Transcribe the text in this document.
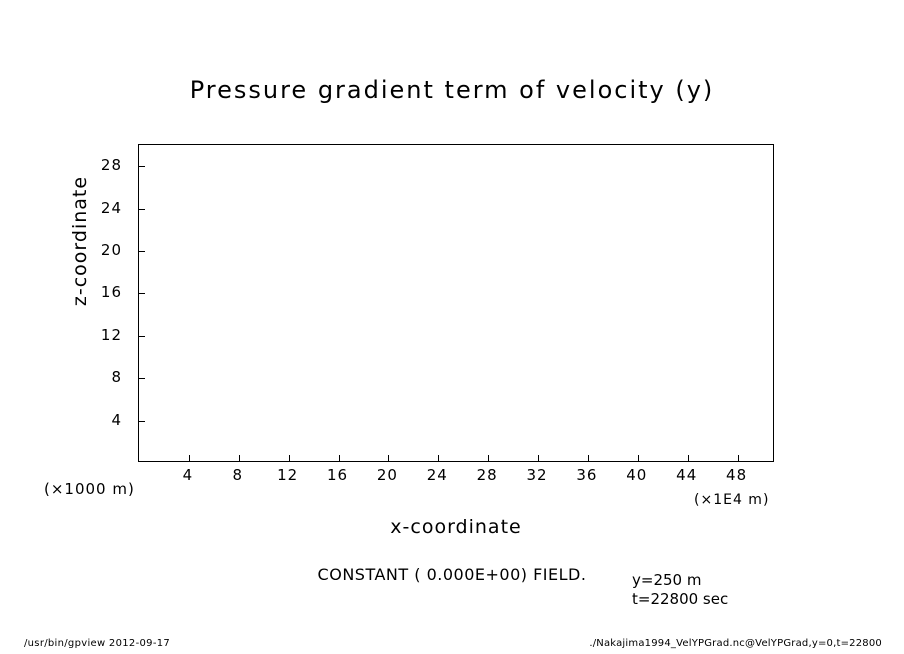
Pressure gradient term of velocity (y)
x-coordinate
z-coordinate
(×1000 m)
(×1E4 m)
CONSTANT ( 0.000E+00) FIELD.	y=250 m
t=22800 sec
/usr/bin/gpview 2012-09-17	./Nakajima1994_VelYPGrad.nc@VelYPGrad,y=0,t=22800
4	8 12 16 20 24 28 32 36 40 44 48
4
8
12
16
20
24
28
